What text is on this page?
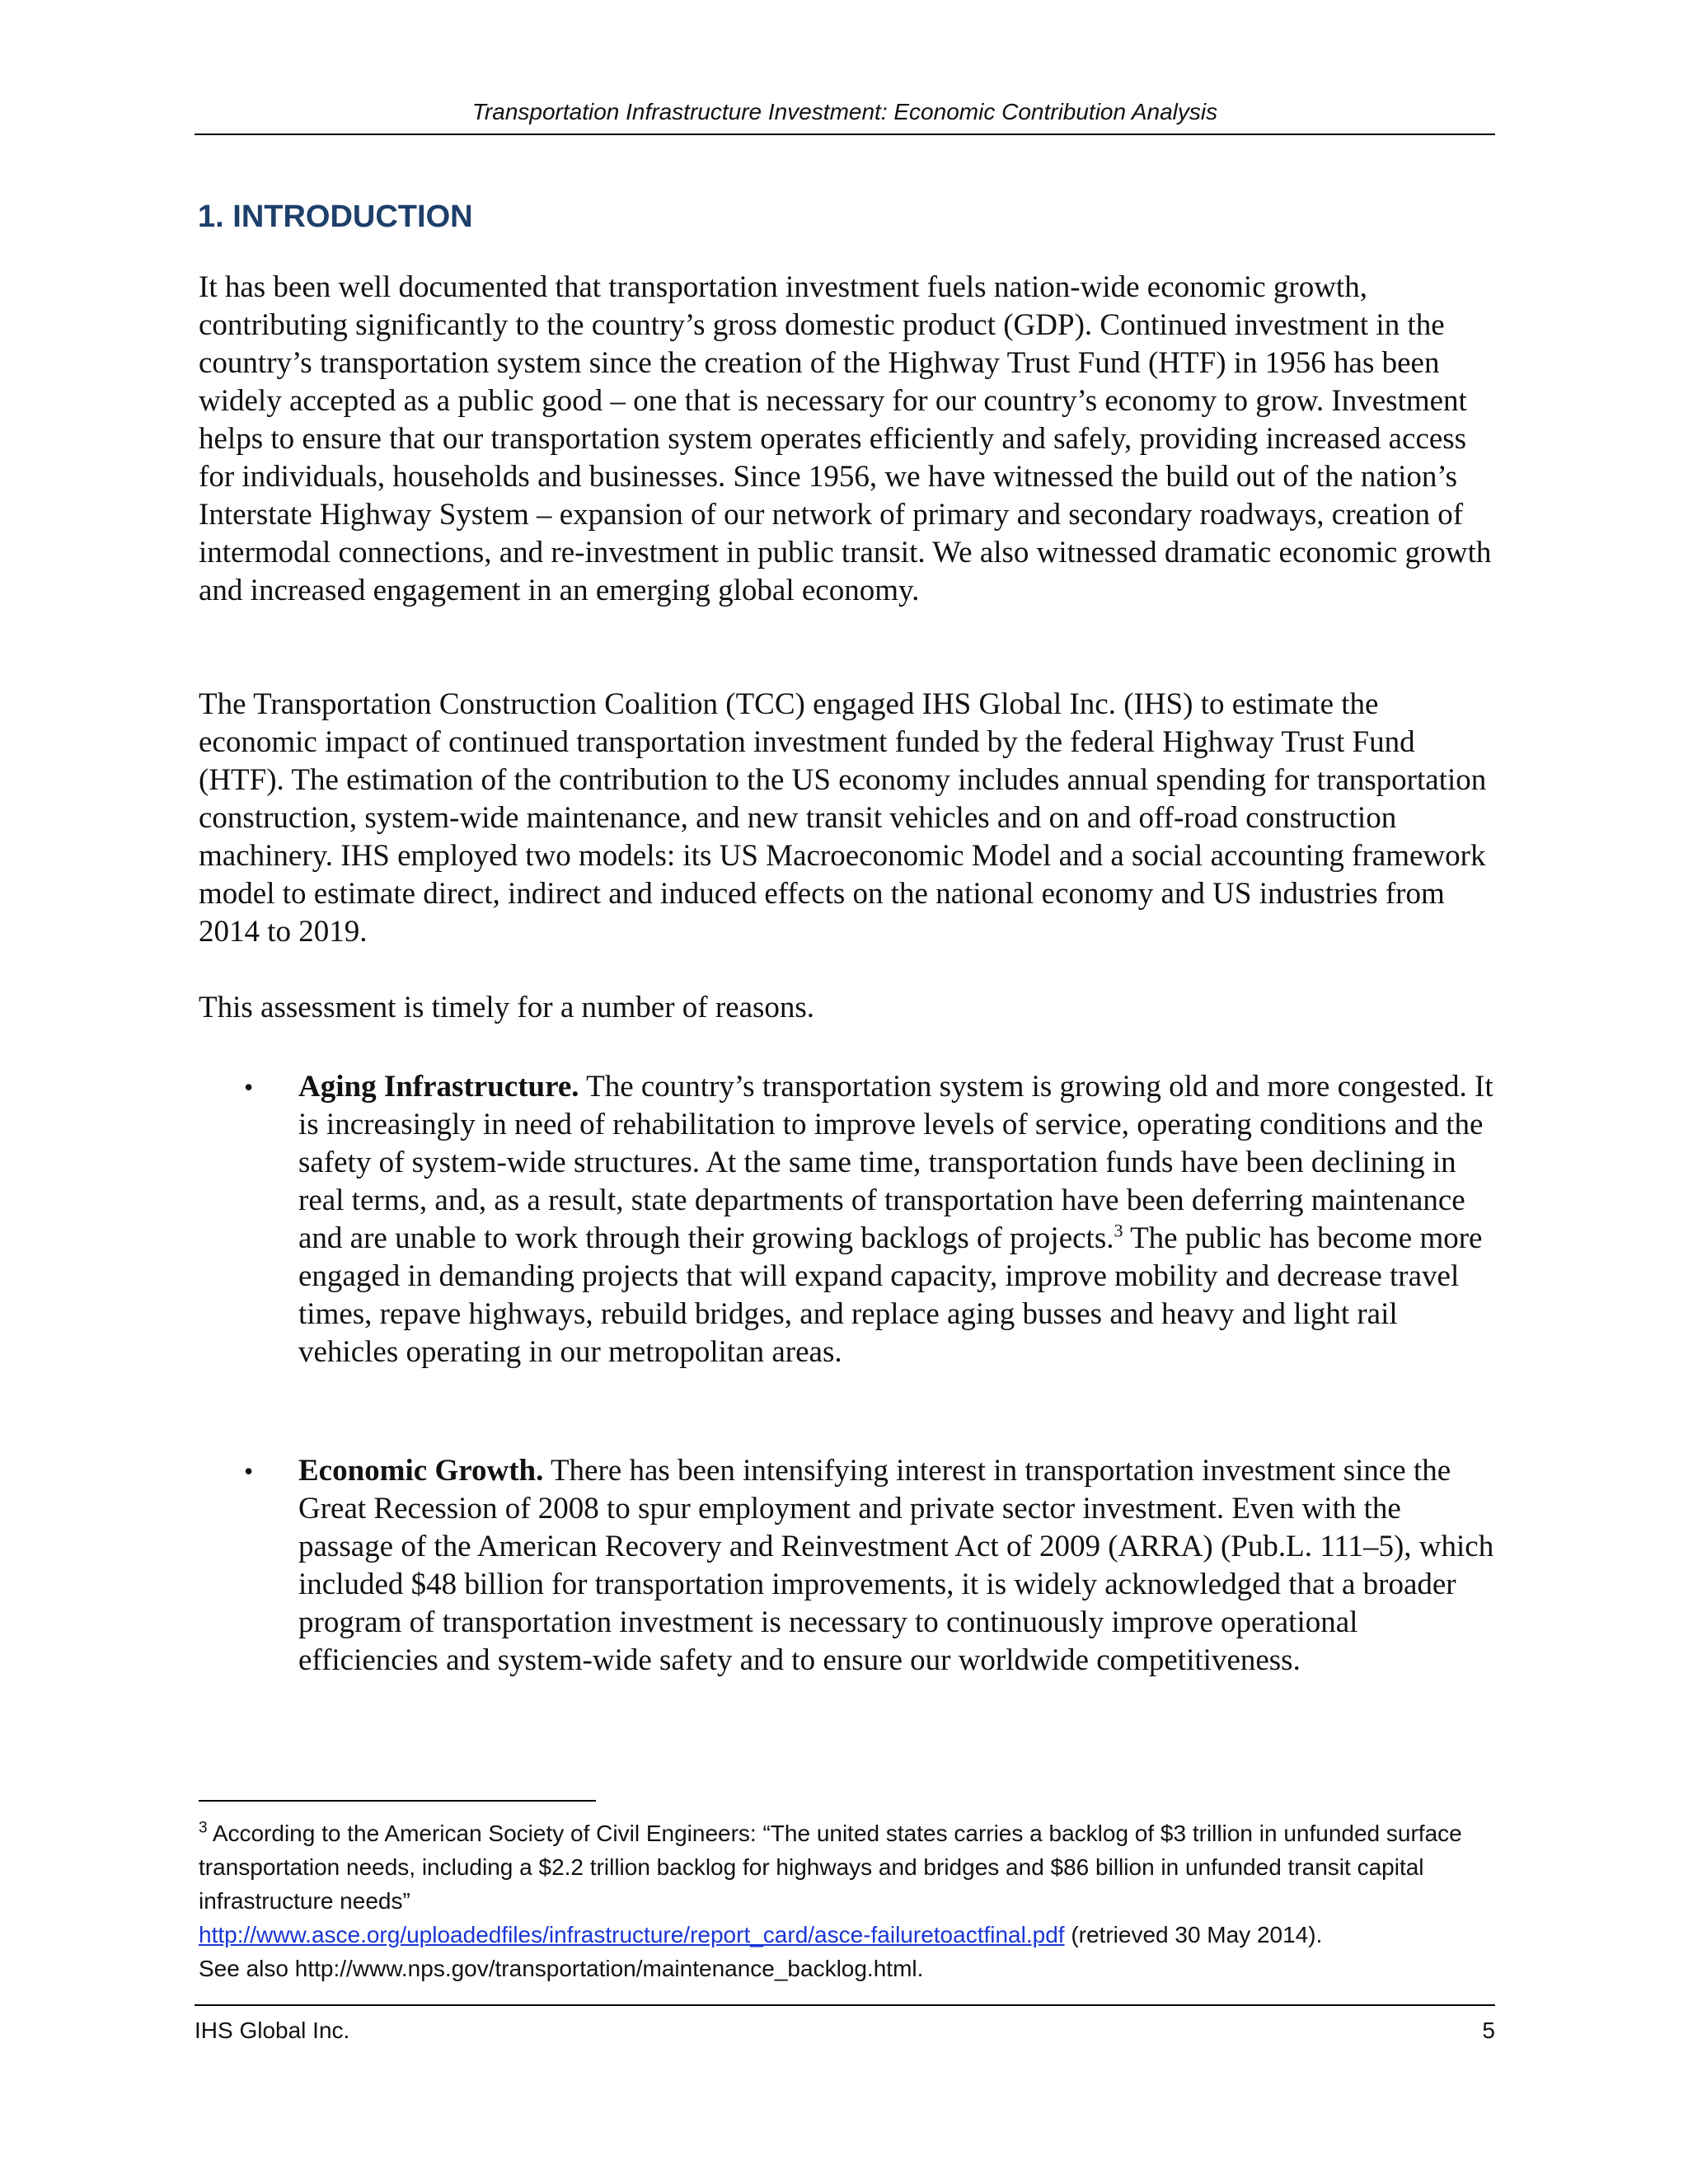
Transportation Infrastructure Investment: Economic Contribution Analysis
1. INTRODUCTION

It has been well documented that transportation investment fuels nation-wide economic growth, contributing significantly to the country’s gross domestic product (GDP). Continued investment in the country’s transportation system since the creation of the Highway Trust Fund (HTF) in 1956 has been widely accepted as a public good – one that is necessary for our country’s economy to grow. Investment helps to ensure that our transportation system operates efficiently and safely, providing increased access for individuals, households and businesses. Since 1956, we have witnessed the build out of the nation’s Interstate Highway System – expansion of our network of primary and secondary roadways, creation of intermodal connections, and re-investment in public transit. We also witnessed dramatic economic growth and increased engagement in an emerging global economy.

The Transportation Construction Coalition (TCC) engaged IHS Global Inc. (IHS) to estimate the economic impact of continued transportation investment funded by the federal Highway Trust Fund (HTF). The estimation of the contribution to the US economy includes annual spending for transportation construction, system-wide maintenance, and new transit vehicles and on and off-road construction machinery. IHS employed two models: its US Macroeconomic Model and a social accounting framework model to estimate direct, indirect and induced effects on the national economy and US industries from 2014 to 2019.

This assessment is timely for a number of reasons.

• Aging Infrastructure. The country’s transportation system is growing old and more congested. It is increasingly in need of rehabilitation to improve levels of service, operating conditions and the safety of system-wide structures. At the same time, transportation funds have been declining in real terms, and, as a result, state departments of transportation have been deferring maintenance and are unable to work through their growing backlogs of projects.$^3$ The public has become more engaged in demanding projects that will expand capacity, improve mobility and decrease travel times, repave highways, rebuild bridges, and replace aging busses and heavy and light rail vehicles operating in our metropolitan areas.
• Economic Growth. There has been intensifying interest in transportation investment since the Great Recession of 2008 to spur employment and private sector investment. Even with the passage of the American Recovery and Reinvestment Act of 2009 (ARRA) (Pub.L. 111–5), which included $48 billion for transportation improvements, it is widely acknowledged that a broader program of transportation investment is necessary to continuously improve operational efficiencies and system-wide safety and to ensure our worldwide competitiveness.
$^3$ According to the American Society of Civil Engineers: “The united states carries a backlog of $3 trillion in unfunded surface transportation needs, including a $2.2 trillion backlog for highways and bridges and $86 billion in unfunded transit capital infrastructure needs”
http://www.asce.org/uploadedfiles/infrastructure/report_card/asce-failuretoactfinal.pdf (retrieved 30 May 2014).
See also http://www.nps.gov/transportation/maintenance_backlog.html.
IHS Global Inc.	5
